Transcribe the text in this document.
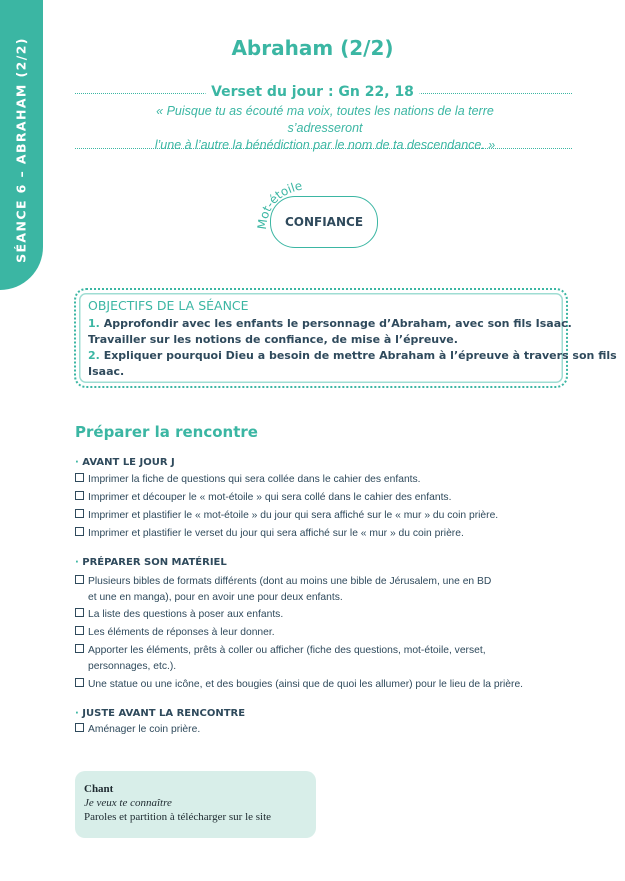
SÉANCE 6 – ABRAHAM (2/2)	Abraham (2/2)
Verset du jour : Gn 22, 18
« Puisque tu as écouté ma voix, toutes les nations de la terre s’adresseront
l’une à l’autre la bénédiction par le nom de ta descendance. »
Mot-étoile
CONFIANCE
OBJECTIFS DE LA SÉANCE
1. Approfondir avec les enfants le personnage d’Abraham, avec son fils Isaac.
Travailler sur les notions de confiance, de mise à l’épreuve.
2. Expliquer pourquoi Dieu a besoin de mettre Abraham à l’épreuve à travers son fils
Isaac.
Préparer la rencontre
· AVANT LE JOUR J
Imprimer la fiche de questions qui sera collée dans le cahier des enfants.
Imprimer et découper le « mot-étoile » qui sera collé dans le cahier des enfants.
Imprimer et plastifier le « mot-étoile » du jour qui sera affiché sur le « mur » du coin prière.
Imprimer et plastifier le verset du jour qui sera affiché sur le « mur » du coin prière.
· PRÉPARER SON MATÉRIEL
Plusieurs bibles de formats différents (dont au moins une bible de Jérusalem, une en BD
et une en manga), pour en avoir une pour deux enfants.
La liste des questions à poser aux enfants.
Les éléments de réponses à leur donner.
Apporter les éléments, prêts à coller ou afficher (fiche des questions, mot-étoile, verset,
personnages, etc.).
Une statue ou une icône, et des bougies (ainsi que de quoi les allumer) pour le lieu de la prière.
· JUSTE AVANT LA RENCONTRE
Aménager le coin prière.
Chant
Je veux te connaître
Paroles et partition à télécharger sur le site
